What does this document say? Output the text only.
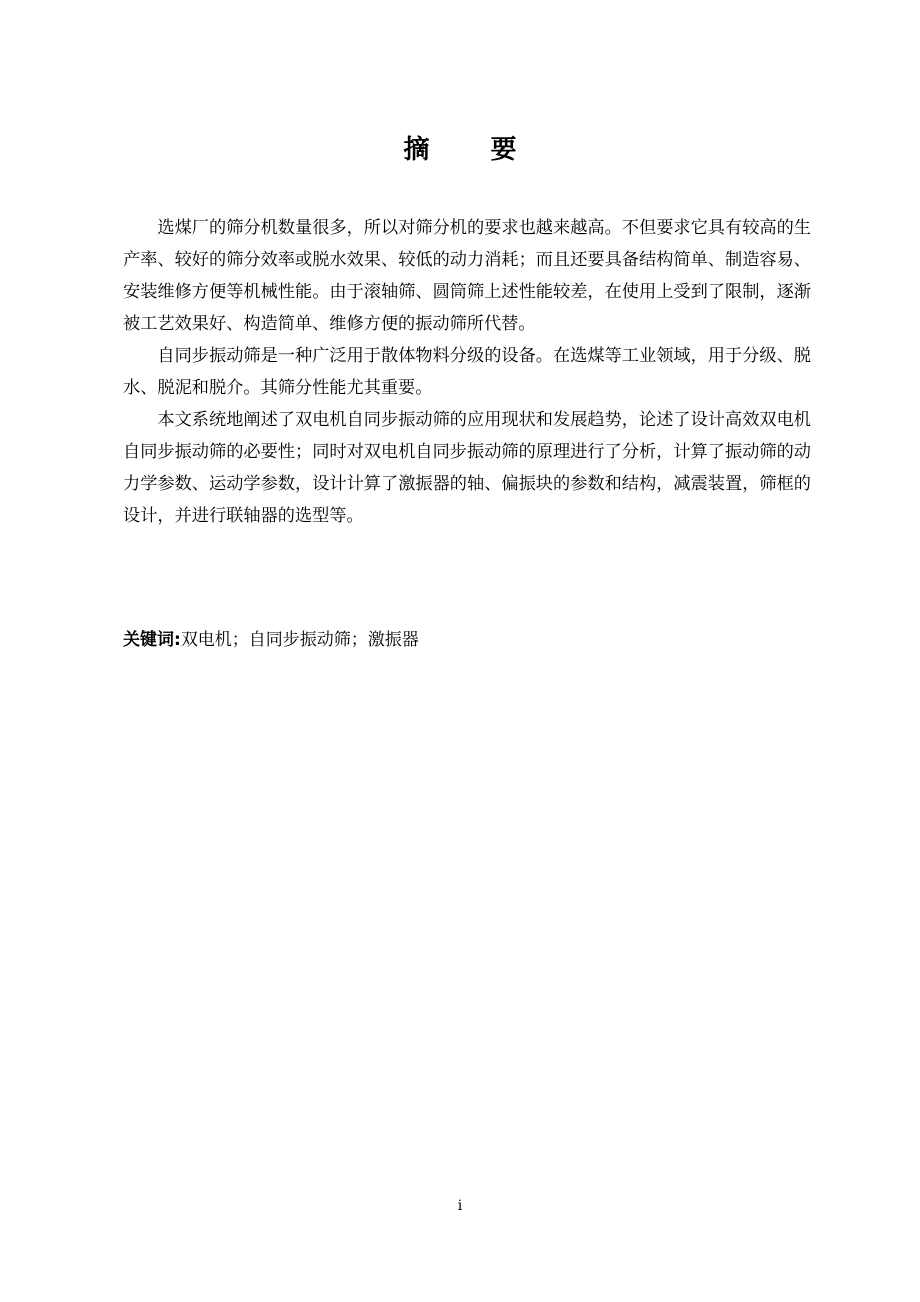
摘 要

选煤厂的筛分机数量很多，所以对筛分机的要求也越来越高。不但要求它具有较高的生产率、较好的筛分效率或脱水效果、较低的动力消耗；而且还要具备结构简单、制造容易、安装维修方便等机械性能。由于滚轴筛、圆筒筛上述性能较差，在使用上受到了限制，逐渐被工艺效果好、构造简单、维修方便的振动筛所代替。

自同步振动筛是一种广泛用于散体物料分级的设备。在选煤等工业领域，用于分级、脱水、脱泥和脱介。其筛分性能尤其重要。

本文系统地阐述了双电机自同步振动筛的应用现状和发展趋势，论述了设计高效双电机自同步振动筛的必要性；同时对双电机自同步振动筛的原理进行了分析，计算了振动筛的动力学参数、运动学参数，设计计算了激振器的轴、偏振块的参数和结构，减震装置，筛框的设计，并进行联轴器的选型等。

关键词:双电机；自同步振动筛；激振器
i
